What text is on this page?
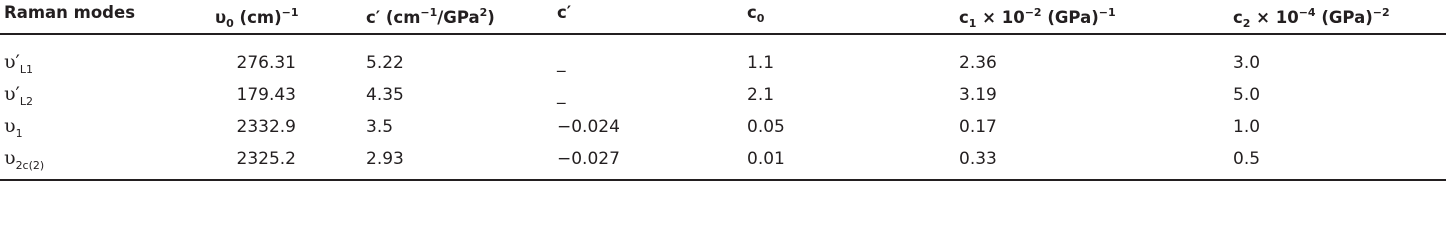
Raman modes	$\upsilon_0$ (cm)$^{-1}$	c′ $(cm^{-1}/GPa^2)$	c′	$c_0$	$c_1 \times 10^{-2}$ (GPa)$^{-1}$	$c_2 \times 10^{-4}$ (GPa)$^{-2}$
$\upsilon'_{L1}$	276.31	5.22	_	1.1	2.36	3.0
$\upsilon'_{L2}$	179.43	4.35	_	2.1	3.19	5.0
$\upsilon_1$	2332.9	3.5	−0.024	0.05	0.17	1.0
$\upsilon_{2c(2)}$	2325.2	2.93	−0.027	0.01	0.33	0.5
